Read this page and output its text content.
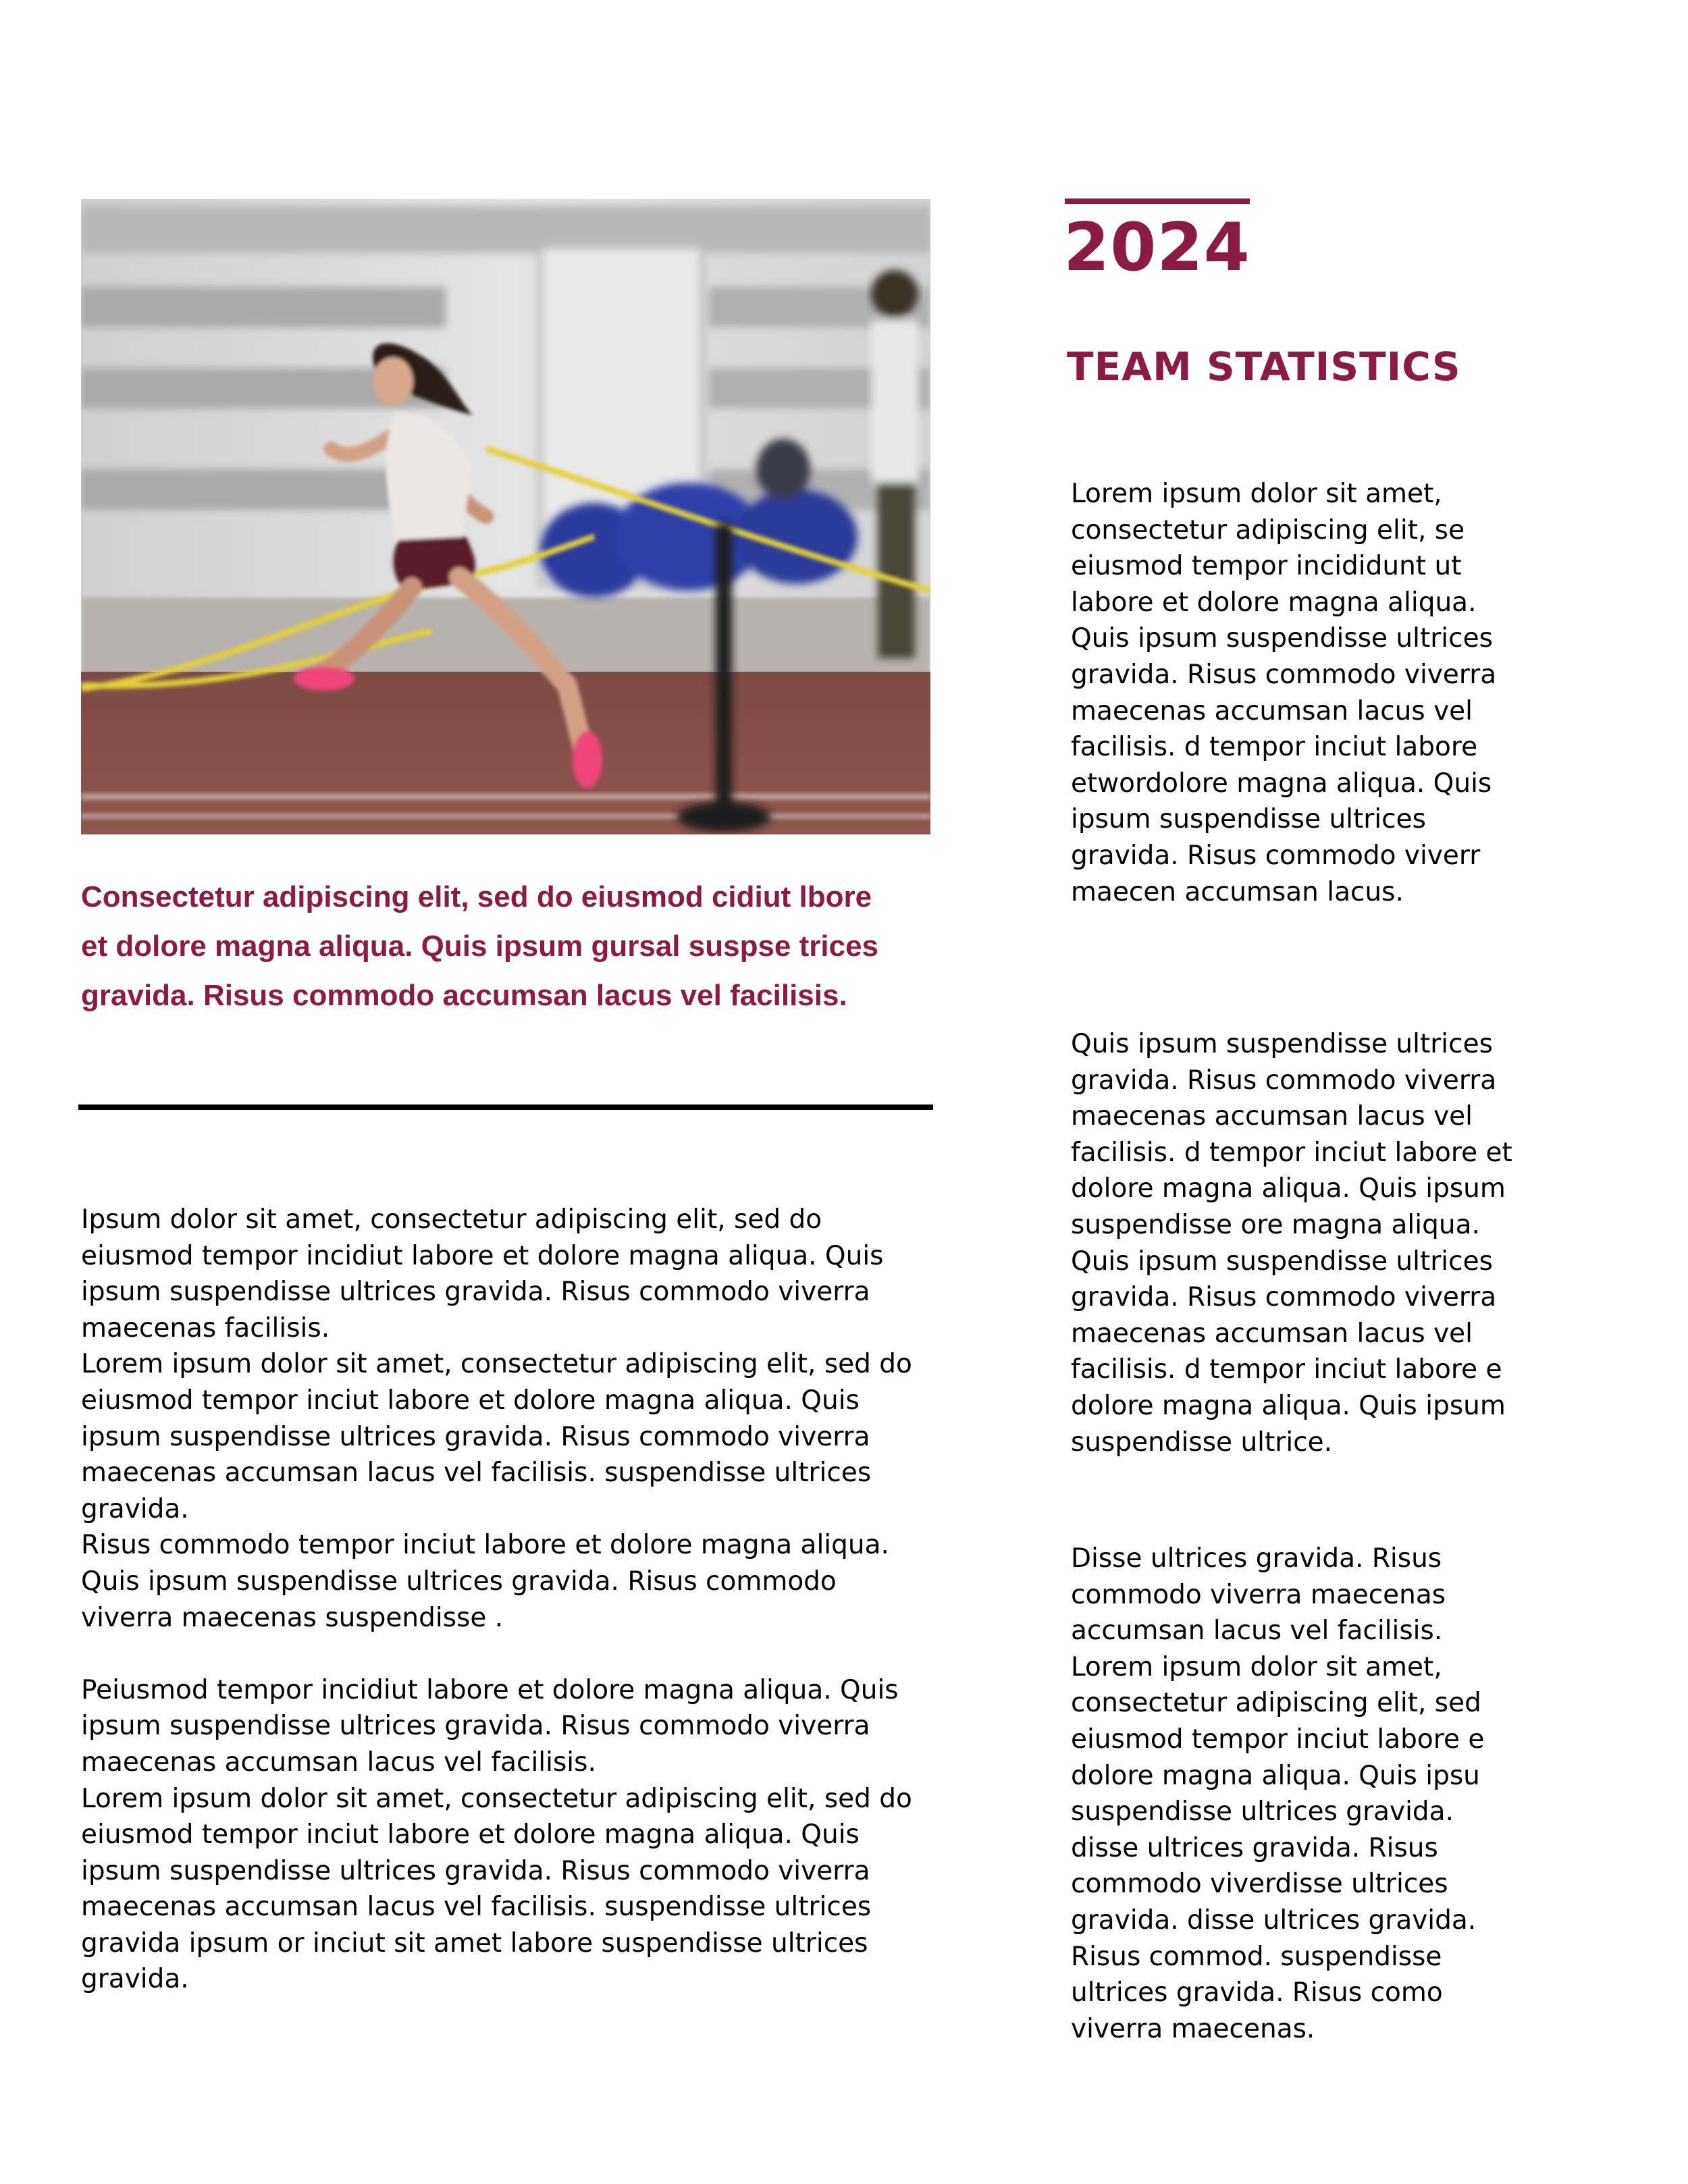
Consectetur adipiscing elit, sed do eiusmod cidiut lbore
et dolore magna aliqua. Quis ipsum gursal suspse trices
gravida. Risus commodo accumsan lacus vel facilisis.

Ipsum dolor sit amet, consectetur adipiscing elit, sed do
eiusmod tempor incidiut labore et dolore magna aliqua. Quis
ipsum suspendisse ultrices gravida. Risus commodo viverra
maecenas facilisis.
Lorem ipsum dolor sit amet, consectetur adipiscing elit, sed do
eiusmod tempor inciut labore et dolore magna aliqua. Quis
ipsum suspendisse ultrices gravida. Risus commodo viverra
maecenas accumsan lacus vel facilisis. suspendisse ultrices
gravida.
Risus commodo tempor inciut labore et dolore magna aliqua.
Quis ipsum suspendisse ultrices gravida. Risus commodo
viverra maecenas suspendisse .

Peiusmod tempor incidiut labore et dolore magna aliqua. Quis
ipsum suspendisse ultrices gravida. Risus commodo viverra
maecenas accumsan lacus vel facilisis.
Lorem ipsum dolor sit amet, consectetur adipiscing elit, sed do
eiusmod tempor inciut labore et dolore magna aliqua. Quis
ipsum suspendisse ultrices gravida. Risus commodo viverra
maecenas accumsan lacus vel facilisis. suspendisse ultrices
gravida ipsum or inciut sit amet labore suspendisse ultrices
gravida.

2024
TEAM STATISTICS

Lorem ipsum dolor sit amet,
consectetur adipiscing elit, se
eiusmod tempor incididunt ut
labore et dolore magna aliqua.
Quis ipsum suspendisse ultrices
gravida. Risus commodo viverra
maecenas accumsan lacus vel
facilisis. d tempor inciut labore
etwordolore magna aliqua. Quis
ipsum suspendisse ultrices
gravida. Risus commodo viverr
maecen accumsan lacus.

Quis ipsum suspendisse ultrices
gravida. Risus commodo viverra
maecenas accumsan lacus vel
facilisis. d tempor inciut labore et
dolore magna aliqua. Quis ipsum
suspendisse ore magna aliqua.
Quis ipsum suspendisse ultrices
gravida. Risus commodo viverra
maecenas accumsan lacus vel
facilisis. d tempor inciut labore e
dolore magna aliqua. Quis ipsum
suspendisse ultrice.

Disse ultrices gravida. Risus
commodo viverra maecenas
accumsan lacus vel facilisis.
Lorem ipsum dolor sit amet,
consectetur adipiscing elit, sed
eiusmod tempor inciut labore e
dolore magna aliqua. Quis ipsu
suspendisse ultrices gravida.
disse ultrices gravida. Risus
commodo viverdisse ultrices
gravida. disse ultrices gravida.
Risus commod. suspendisse
ultrices gravida. Risus como
viverra maecenas.
